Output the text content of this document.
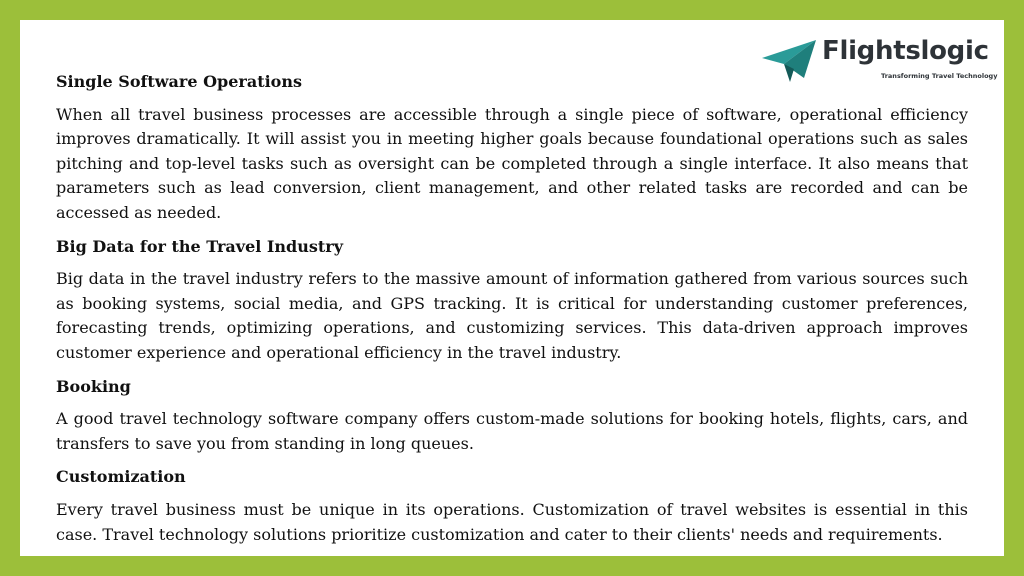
Flightslogic
Transforming Travel Technology
Single Software Operations
When all travel business processes are accessible through a single piece of software, operational efficiency improves dramatically. It will assist you in meeting higher goals because foundational operations such as sales pitching and top-level tasks such as oversight can be completed through a single interface. It also means that parameters such as lead conversion, client management, and other related tasks are recorded and can be accessed as needed.
Big Data for the Travel Industry
Big data in the travel industry refers to the massive amount of information gathered from various sources such as booking systems, social media, and GPS tracking. It is critical for understanding customer preferences, forecasting trends, optimizing operations, and customizing services. This data-driven approach improves customer experience and operational efficiency in the travel industry.
Booking
A good travel technology software company offers custom-made solutions for booking hotels, flights, cars, and transfers to save you from standing in long queues.
Customization
Every travel business must be unique in its operations. Customization of travel websites is essential in this case. Travel technology solutions prioritize customization and cater to their clients' needs and requirements.
